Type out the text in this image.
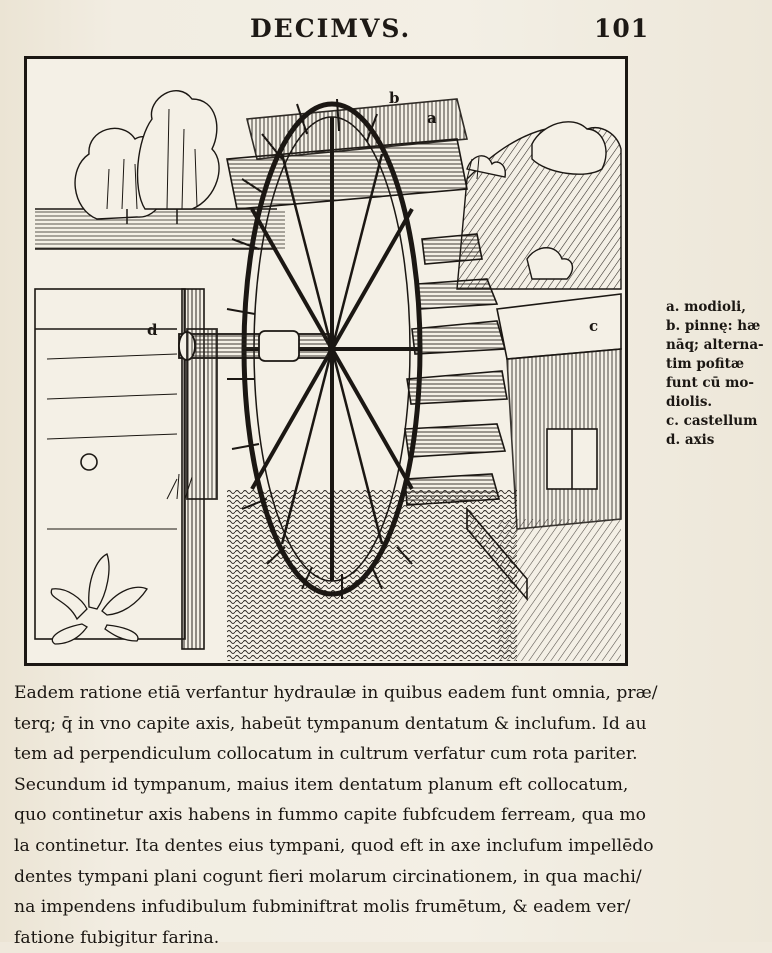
DECIMVS.	101
b
a
c
d
a. modioli,
b. pinnę: hæ
nāq; alterna-
tim pofitæ
funt cū mo-
diolis.
c. castellum
d. axis
Eadem ratione etiā verfantur hydraulæ in quibus eadem funt omnia, præ/
terq; q̄ in vno capite axis, habeūt tympanum dentatum & inclufum. Id au
tem ad perpendiculum collocatum in cultrum verfatur cum rota pariter.
Secundum id tympanum, maius item dentatum planum eft collocatum,
quo continetur axis habens in fummo capite fubfcudem ferream, qua mo
la continetur. Ita dentes eius tympani, quod eft in axe inclufum impellēdo
dentes tympani plani cogunt fieri molarum circinationem, in qua machi/
na impendens infudibulum fubminiftrat molis frumētum, & eadem ver/
fatione fubigitur farina.
